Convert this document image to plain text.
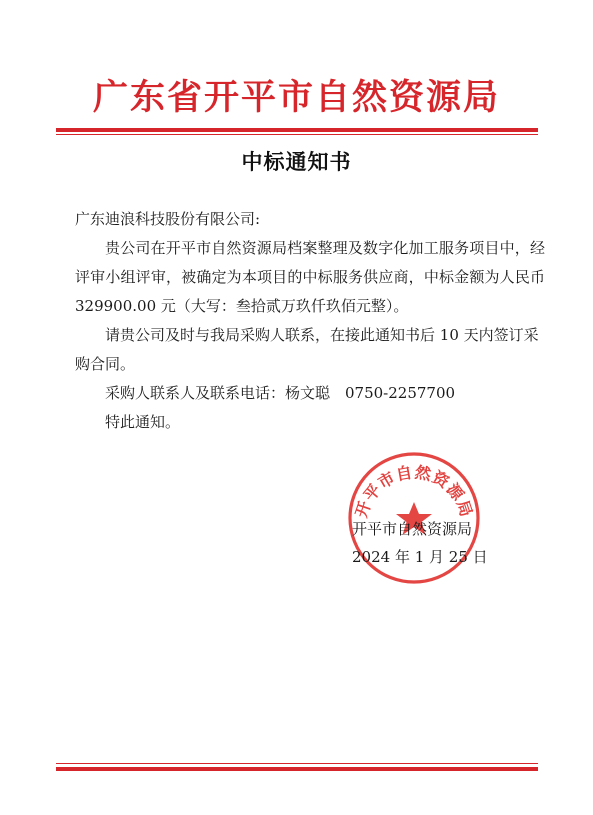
广东省开平市自然资源局
中标通知书

广东迪浪科技股份有限公司:

贵公司在开平市自然资源局档案整理及数字化加工服务项目中，经评审小组评审，被确定为本项目的中标服务供应商，中标金额为人民币 329900.00 元（大写：叁拾贰万玖仟玖佰元整）。

请贵公司及时与我局采购人联系，在接此通知书后 10 天内签订采购合同。

采购人联系人及联系电话：杨文聪　0750-2257700

特此通知。

开平市自然资源局
开平市自然资源局
2024 年 1 月 25 日
